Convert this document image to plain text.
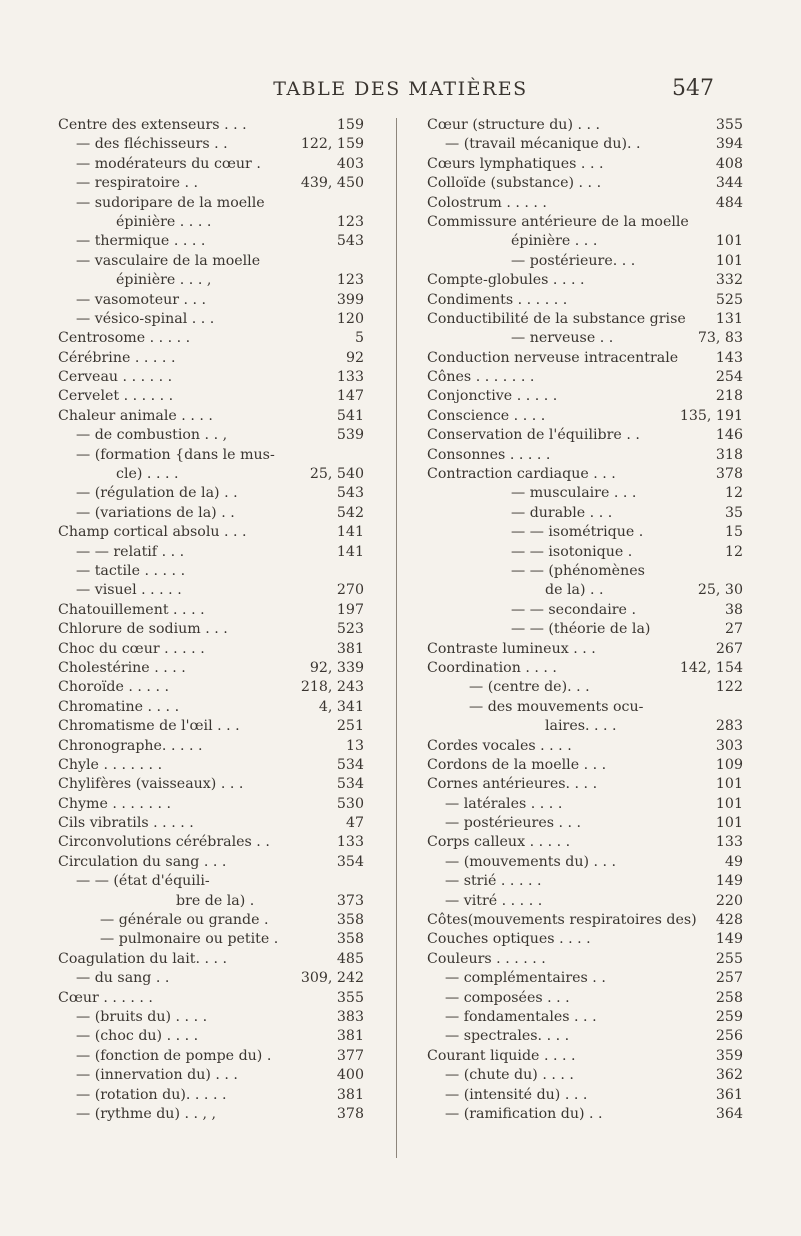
TABLE DES MATIÈRES	547
Centre des extenseurs . . .	159
— des fléchisseurs . .	122, 159
— modérateurs du cœur .	403
— respiratoire . .	439, 450
— sudoripare de la moelle
épinière . . . .	123
— thermique . . . .	543
— vasculaire de la moelle
épinière . . . ,	123
— vasomoteur . . .	399
— vésico-spinal . . .	120
Centrosome . . . . .	5
Cérébrine . . . . .	92
Cerveau . . . . . .	133
Cervelet . . . . . .	147
Chaleur animale . . . .	541
— de combustion . . ,	539
— (formation {dans le mus-
cle) . . . .	25, 540
— (régulation de la) . .	543
— (variations de la) . .	542
Champ cortical absolu . . .	141
— — relatif . . .	141
— tactile . . . . .
— visuel . . . . .	270
Chatouillement . . . .	197
Chlorure de sodium . . .	523
Choc du cœur . . . . .	381
Cholestérine . . . .	92, 339
Choroïde . . . . .	218, 243
Chromatine . . . .	4, 341
Chromatisme de l'œil . . .	251
Chronographe. . . . .	13
Chyle . . . . . . .	534
Chylifères (vaisseaux) . . .	534
Chyme . . . . . . .	530
Cils vibratils . . . . .	47
Circonvolutions cérébrales . .	133
Circulation du sang . . .	354
— — (état d'équili-
bre de la) .	373
— générale ou grande .	358
— pulmonaire ou petite .	358
Coagulation du lait. . . .	485
— du sang . .	309, 242
Cœur . . . . . .	355
— (bruits du) . . . .	383
— (choc du) . . . .	381
— (fonction de pompe du) .	377
— (innervation du) . . .	400
— (rotation du). . . . .	381
— (rythme du) . . , ,	378
Cœur (structure du) . . .	355
— (travail mécanique du). .	394
Cœurs lymphatiques . . .	408
Colloïde (substance) . . .	344
Colostrum . . . . .	484
Commissure antérieure de la moelle
épinière . . .	101
— postérieure. . .	101
Compte-globules . . . .	332
Condiments . . . . . .	525
Conductibilité de la substance grise 131
— nerveuse . .	73, 83
Conduction nerveuse intracentrale	143
Cônes . . . . . . .	254
Conjonctive . . . . .	218
Conscience . . . .	135, 191
Conservation de l'équilibre . .	146
Consonnes . . . . .	318
Contraction cardiaque . . .	378
— musculaire . . .	12
— durable . . .	35
— — isométrique .	15
— — isotonique .	12
— — (phénomènes
de la) . .	25, 30
— — secondaire .	38
— — (théorie de la)	27
Contraste lumineux . . .	267
Coordination . . . .	142, 154
— (centre de). . .	122
— des mouvements ocu-
laires. . . .	283
Cordes vocales . . . .	303
Cordons de la moelle . . .	109
Cornes antérieures. . . .	101
— latérales . . . .	101
— postérieures . . .	101
Corps calleux . . . . .	133
— (mouvements du) . . .	49
— strié . . . . .	149
— vitré . . . . .	220
Côtes(mouvements respiratoires des) 428
Couches optiques . . . .	149
Couleurs . . . . . .	255
— complémentaires . .	257
— composées . . .	258
— fondamentales . . .	259
— spectrales. . . .	256
Courant liquide . . . .	359
— (chute du) . . . .	362
— (intensité du) . . .	361
— (ramification du) . .	364
